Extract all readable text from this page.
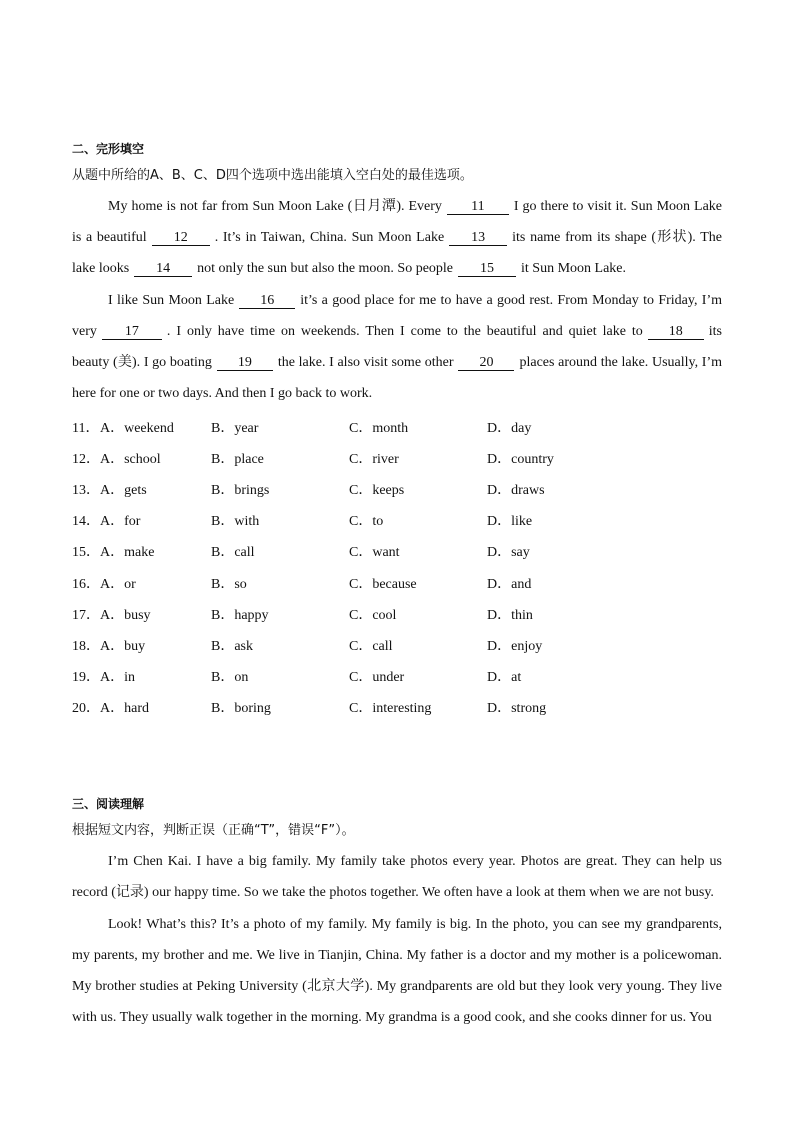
二、完形填空
从题中所给的A、B、C、D四个选项中选出能填入空白处的最佳选项。
My home is not far from Sun Moon Lake (日月潭). Every 11 I go there to visit it. Sun Moon Lake is a beautiful 12 . It’s in Taiwan, China. Sun Moon Lake 13 its name from its shape (形状). The lake looks 14 not only the sun but also the moon. So people 15 it Sun Moon Lake.
I like Sun Moon Lake 16 it’s a good place for me to have a good rest. From Monday to Friday, I’m very 17 . I only have time on weekends. Then I come to the beautiful and quiet lake to 18 its beauty (美). I go boating 19 the lake. I also visit some other 20 places around the lake. Usually, I’m here for one or two days. And then I go back to work.
11． A．weekend	B．year	C．month	D．day
12． A．school	B．place	C．river	D．country
13． A．gets	B．brings	C．keeps	D．draws
14． A．for	B．with	C．to	D．like
15． A．make	B．call	C．want	D．say
16． A．or	B．so	C．because	D．and
17． A．busy	B．happy	C．cool	D．thin
18． A．buy	B．ask	C．call	D．enjoy
19． A．in	B．on	C．under	D．at
20． A．hard	B．boring	C．interesting	D．strong
三、阅读理解
根据短文内容，判断正误（正确“T”，错误“F”）。
I’m Chen Kai. I have a big family. My family take photos every year. Photos are great. They can help us record (记录) our happy time. So we take the photos together. We often have a look at them when we are not busy.
Look! What’s this? It’s a photo of my family. My family is big. In the photo, you can see my grandparents, my parents, my brother and me. We live in Tianjin, China. My father is a doctor and my mother is a policewoman. My brother studies at Peking University (北京大学). My grandparents are old but they look very young. They live with us. They usually walk together in the morning. My grandma is a good cook, and she cooks dinner for us. You
